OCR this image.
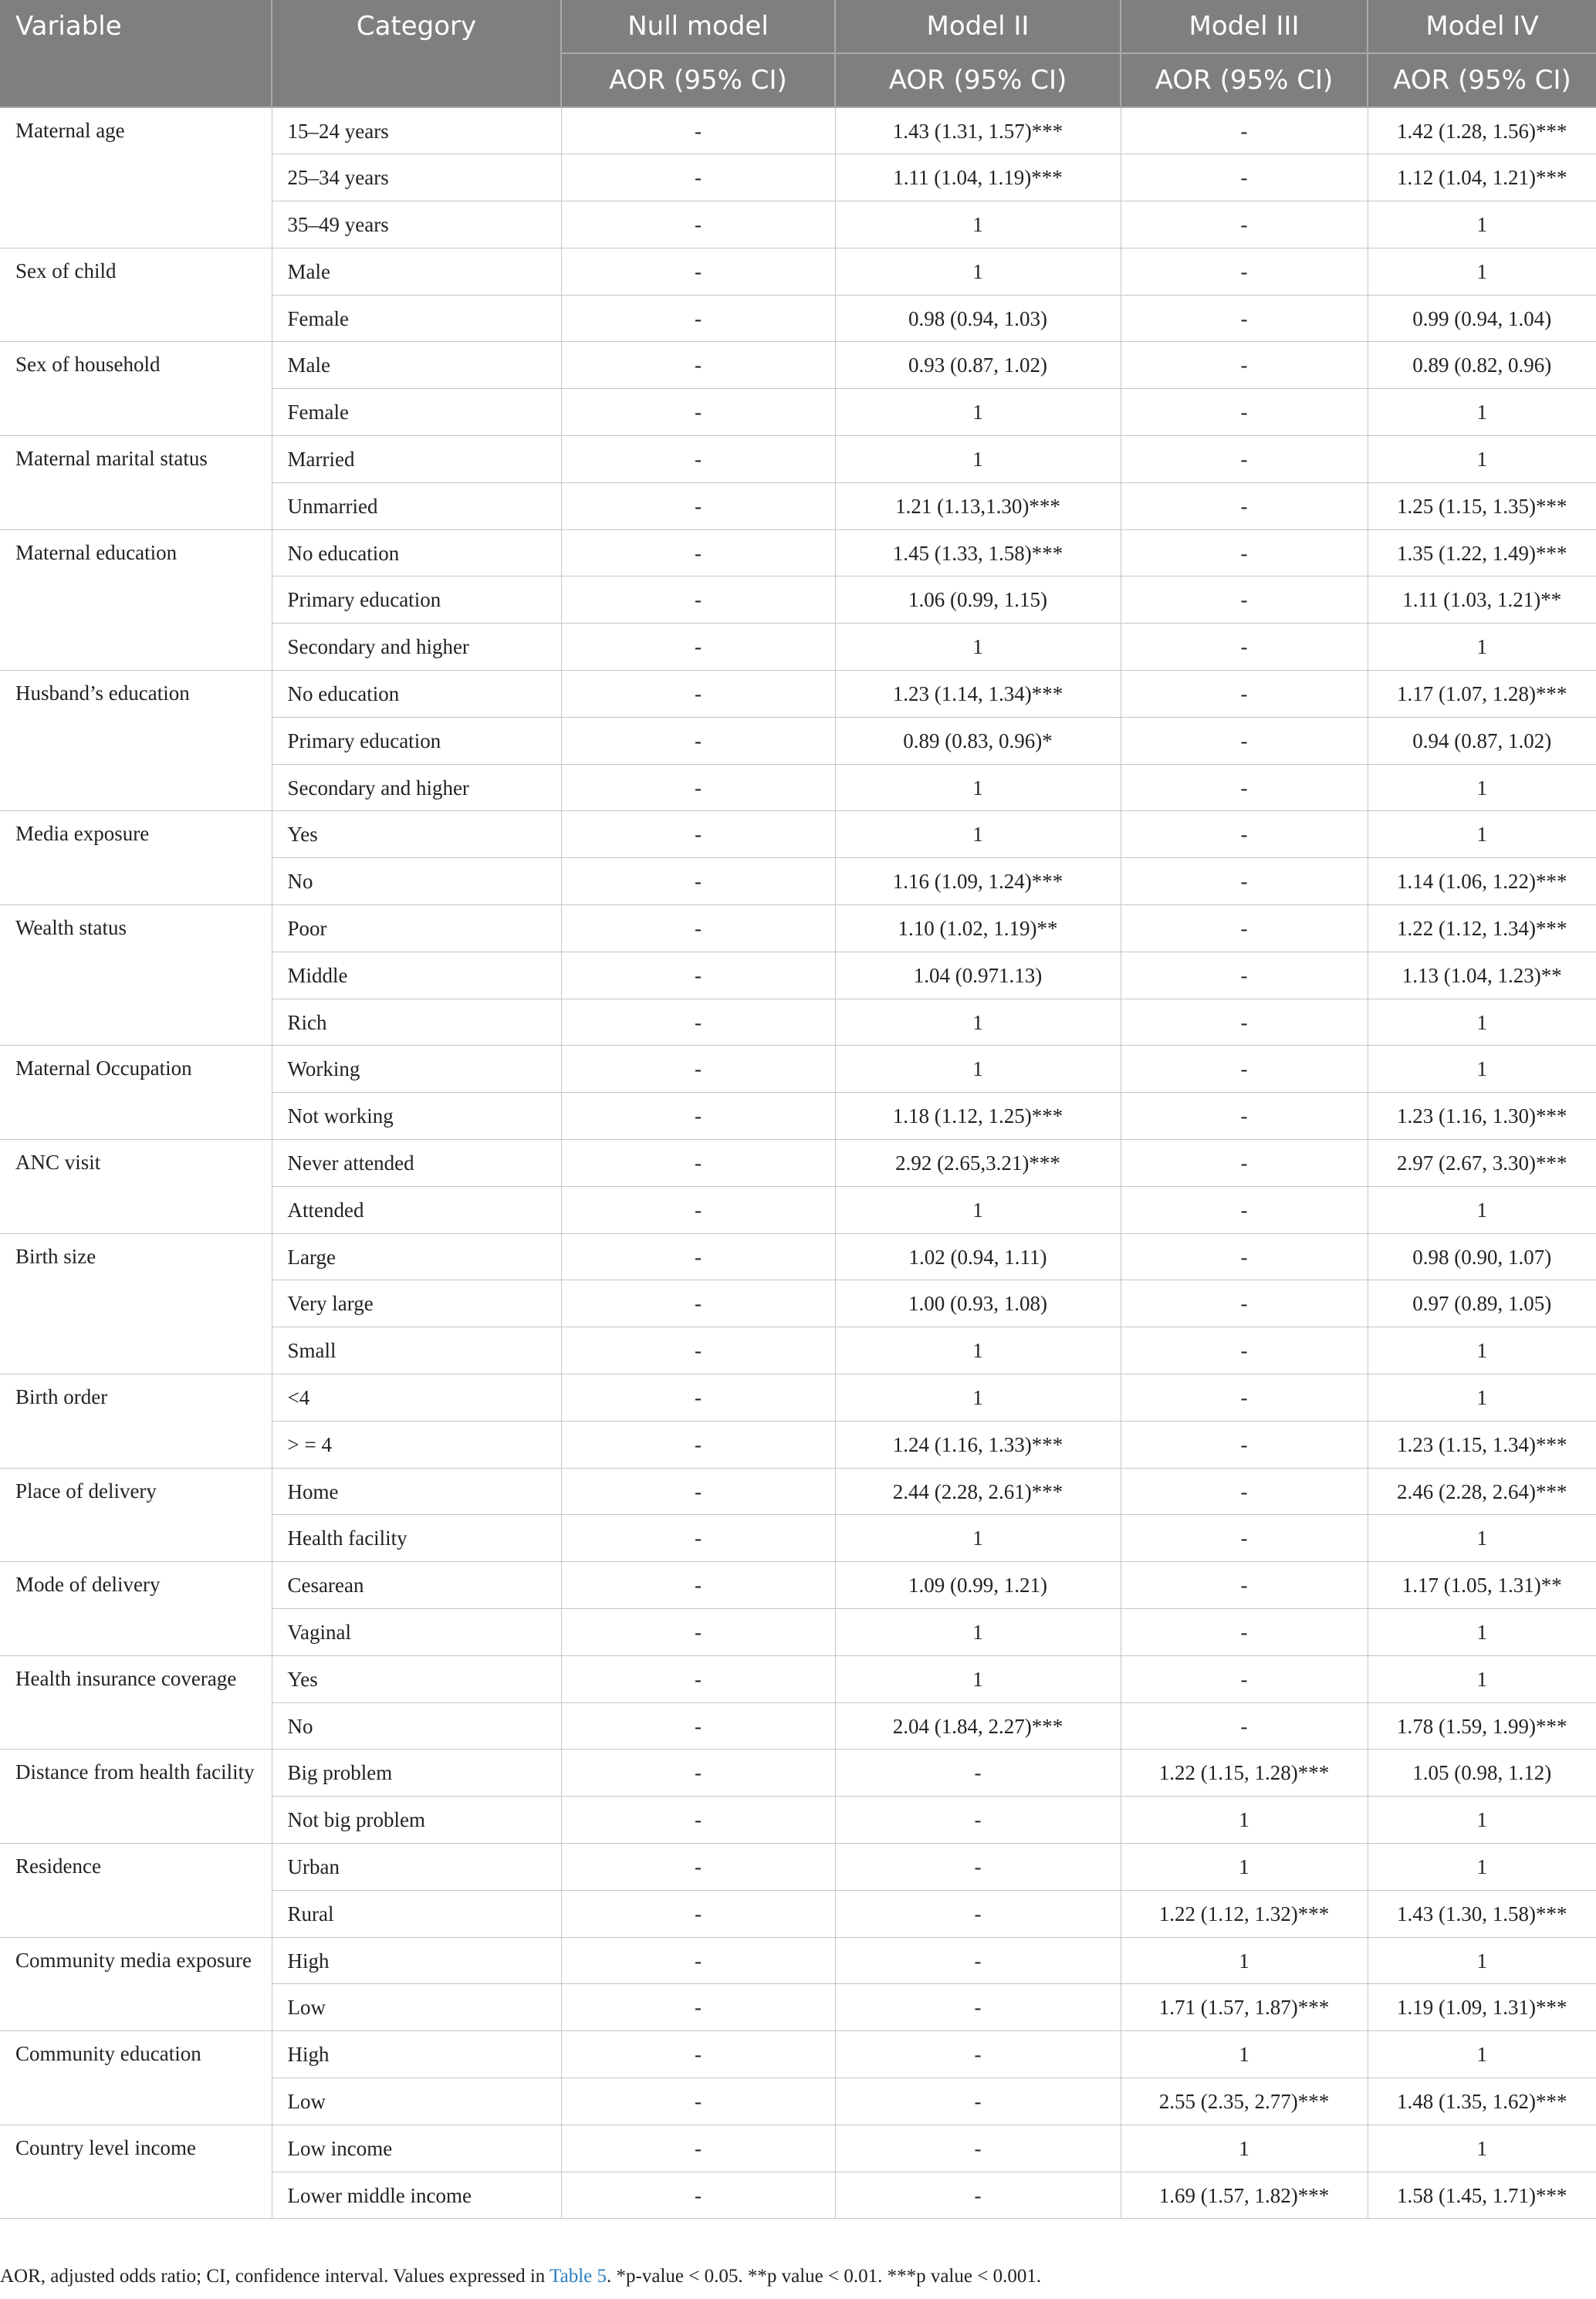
Variable	Category	Null model	Model II	Model III	Model IV
		AOR (95% CI)	AOR (95% CI)	AOR (95% CI)	AOR (95% CI)
Maternal age	15–24 years	-	1.43 (1.31, 1.57)***	-	1.42 (1.28, 1.56)***
	25–34 years	-	1.11 (1.04, 1.19)***	-	1.12 (1.04, 1.21)***
	35–49 years	-	1	-	1
Sex of child	Male	-	1	-	1
	Female	-	0.98 (0.94, 1.03)	-	0.99 (0.94, 1.04)
Sex of household	Male	-	0.93 (0.87, 1.02)	-	0.89 (0.82, 0.96)
	Female	-	1	-	1
Maternal marital status	Married	-	1	-	1
	Unmarried	-	1.21 (1.13,1.30)***	-	1.25 (1.15, 1.35)***
Maternal education	No education	-	1.45 (1.33, 1.58)***	-	1.35 (1.22, 1.49)***
	Primary education	-	1.06 (0.99, 1.15)	-	1.11 (1.03, 1.21)**
	Secondary and higher	-	1	-	1
Husband’s education	No education	-	1.23 (1.14, 1.34)***	-	1.17 (1.07, 1.28)***
	Primary education	-	0.89 (0.83, 0.96)*	-	0.94 (0.87, 1.02)
	Secondary and higher	-	1	-	1
Media exposure	Yes	-	1	-	1
	No	-	1.16 (1.09, 1.24)***	-	1.14 (1.06, 1.22)***
Wealth status	Poor	-	1.10 (1.02, 1.19)**	-	1.22 (1.12, 1.34)***
	Middle	-	1.04 (0.971.13)	-	1.13 (1.04, 1.23)**
	Rich	-	1	-	1
Maternal Occupation	Working	-	1	-	1
	Not working	-	1.18 (1.12, 1.25)***	-	1.23 (1.16, 1.30)***
ANC visit	Never attended	-	2.92 (2.65,3.21)***	-	2.97 (2.67, 3.30)***
	Attended	-	1	-	1
Birth size	Large	-	1.02 (0.94, 1.11)	-	0.98 (0.90, 1.07)
	Very large	-	1.00 (0.93, 1.08)	-	0.97 (0.89, 1.05)
	Small	-	1	-	1
Birth order	<4	-	1	-	1
	> = 4	-	1.24 (1.16, 1.33)***	-	1.23 (1.15, 1.34)***
Place of delivery	Home	-	2.44 (2.28, 2.61)***	-	2.46 (2.28, 2.64)***
	Health facility	-	1	-	1
Mode of delivery	Cesarean	-	1.09 (0.99, 1.21)	-	1.17 (1.05, 1.31)**
	Vaginal	-	1	-	1
Health insurance coverage	Yes	-	1	-	1
	No	-	2.04 (1.84, 2.27)***	-	1.78 (1.59, 1.99)***
Distance from health facility	Big problem	-	-	1.22 (1.15, 1.28)***	1.05 (0.98, 1.12)
	Not big problem	-	-	1	1
Residence	Urban	-	-	1	1
	Rural	-	-	1.22 (1.12, 1.32)***	1.43 (1.30, 1.58)***
Community media exposure	High	-	-	1	1
	Low	-	-	1.71 (1.57, 1.87)***	1.19 (1.09, 1.31)***
Community education	High	-	-	1	1
	Low	-	-	2.55 (2.35, 2.77)***	1.48 (1.35, 1.62)***
Country level income	Low income	-	-	1	1
	Lower middle income	-	-	1.69 (1.57, 1.82)***	1.58 (1.45, 1.71)***
AOR, adjusted odds ratio; CI, confidence interval. Values expressed in Table 5. *p-value < 0.05. **p value < 0.01. ***p value < 0.001.
